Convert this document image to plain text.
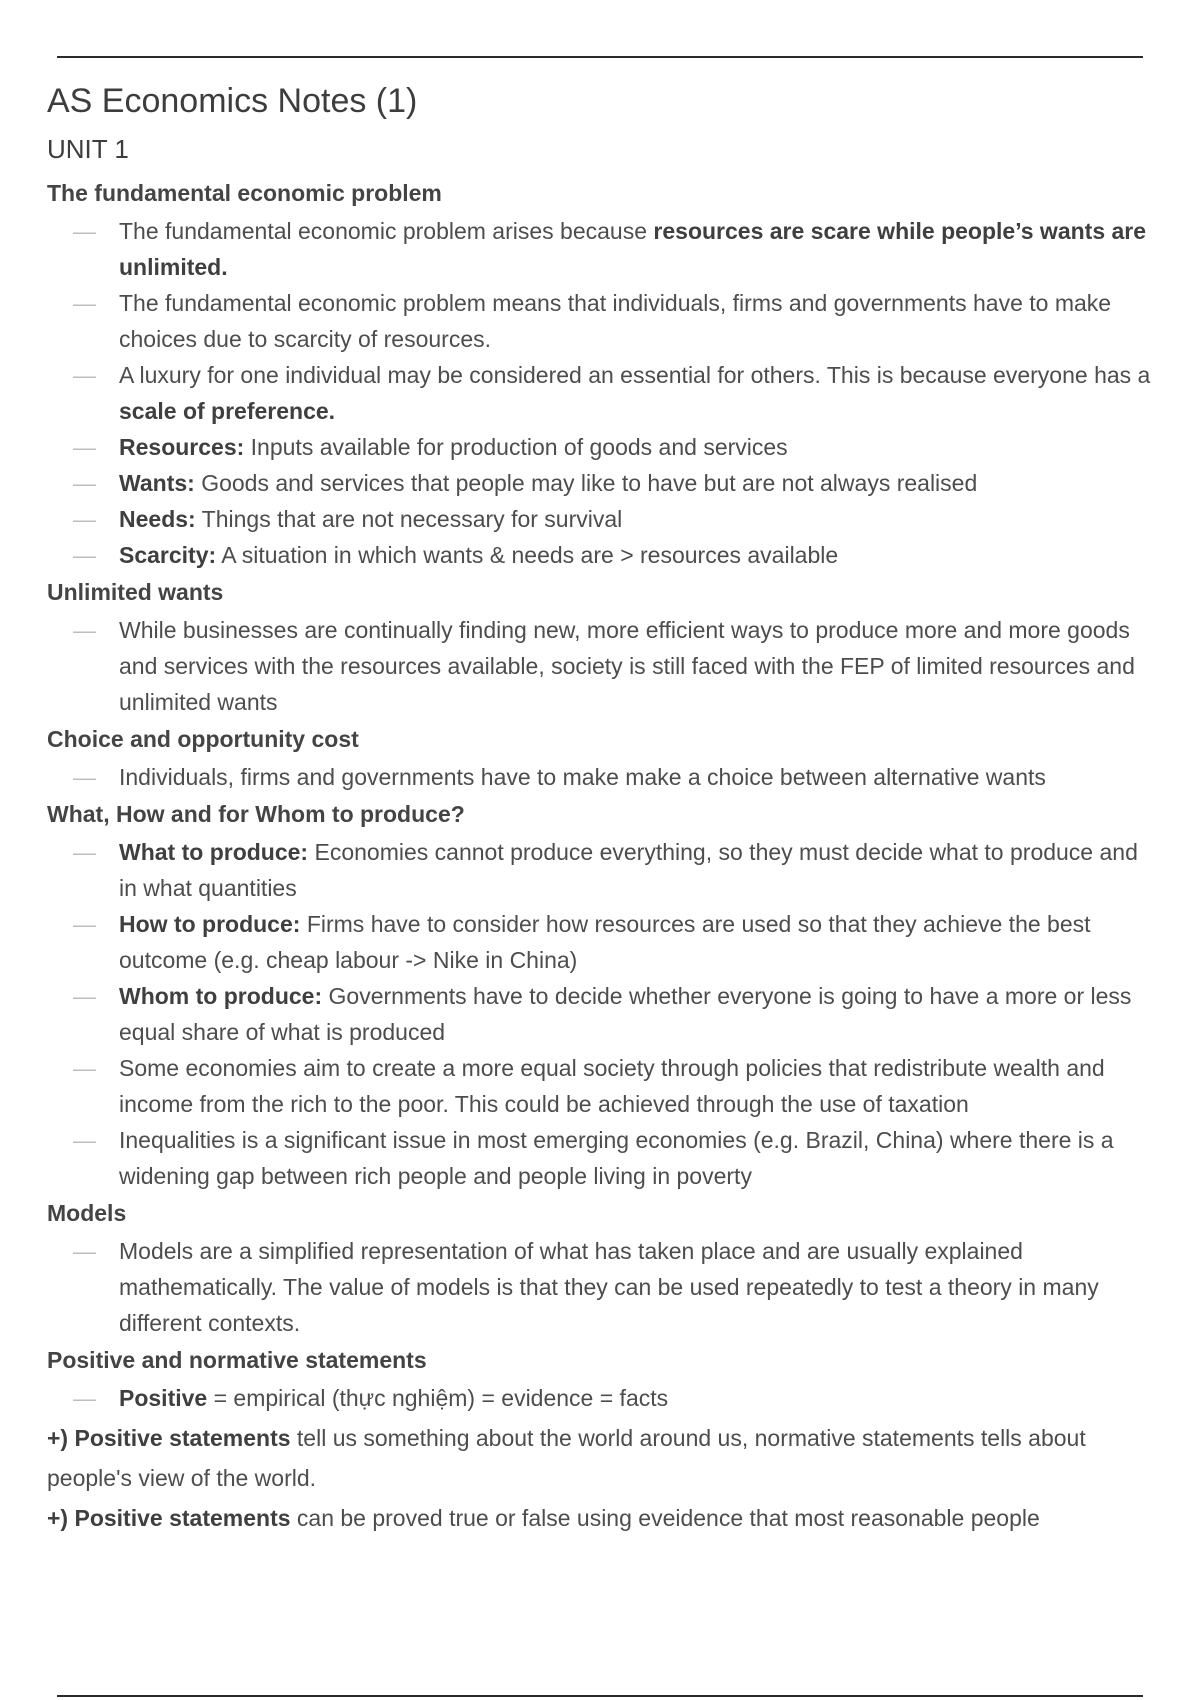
AS Economics Notes (1)
UNIT 1
The fundamental economic problem
— The fundamental economic problem arises because resources are scare while people’s wants are unlimited.
— The fundamental economic problem means that individuals, firms and governments have to make choices due to scarcity of resources.
— A luxury for one individual may be considered an essential for others. This is because everyone has a scale of preference.
— Resources: Inputs available for production of goods and services
— Wants: Goods and services that people may like to have but are not always realised
— Needs: Things that are not necessary for survival
— Scarcity: A situation in which wants & needs are > resources available
Unlimited wants
— While businesses are continually finding new, more efficient ways to produce more and more goods and services with the resources available, society is still faced with the FEP of limited resources and unlimited wants
Choice and opportunity cost
— Individuals, firms and governments have to make make a choice between alternative wants
What, How and for Whom to produce?
— What to produce: Economies cannot produce everything, so they must decide what to produce and in what quantities
— How to produce: Firms have to consider how resources are used so that they achieve the best outcome (e.g. cheap labour -> Nike in China)
— Whom to produce: Governments have to decide whether everyone is going to have a more or less equal share of what is produced
— Some economies aim to create a more equal society through policies that redistribute wealth and income from the rich to the poor. This could be achieved through the use of taxation
— Inequalities is a significant issue in most emerging economies (e.g. Brazil, China) where there is a widening gap between rich people and people living in poverty
Models
— Models are a simplified representation of what has taken place and are usually explained mathematically. The value of models is that they can be used repeatedly to test a theory in many different contexts.
Positive and normative statements
— Positive = empirical (thực nghiệm) = evidence = facts

+) Positive statements tell us something about the world around us, normative statements tells about people's view of the world.

+) Positive statements can be proved true or false using eveidence that most reasonable people
